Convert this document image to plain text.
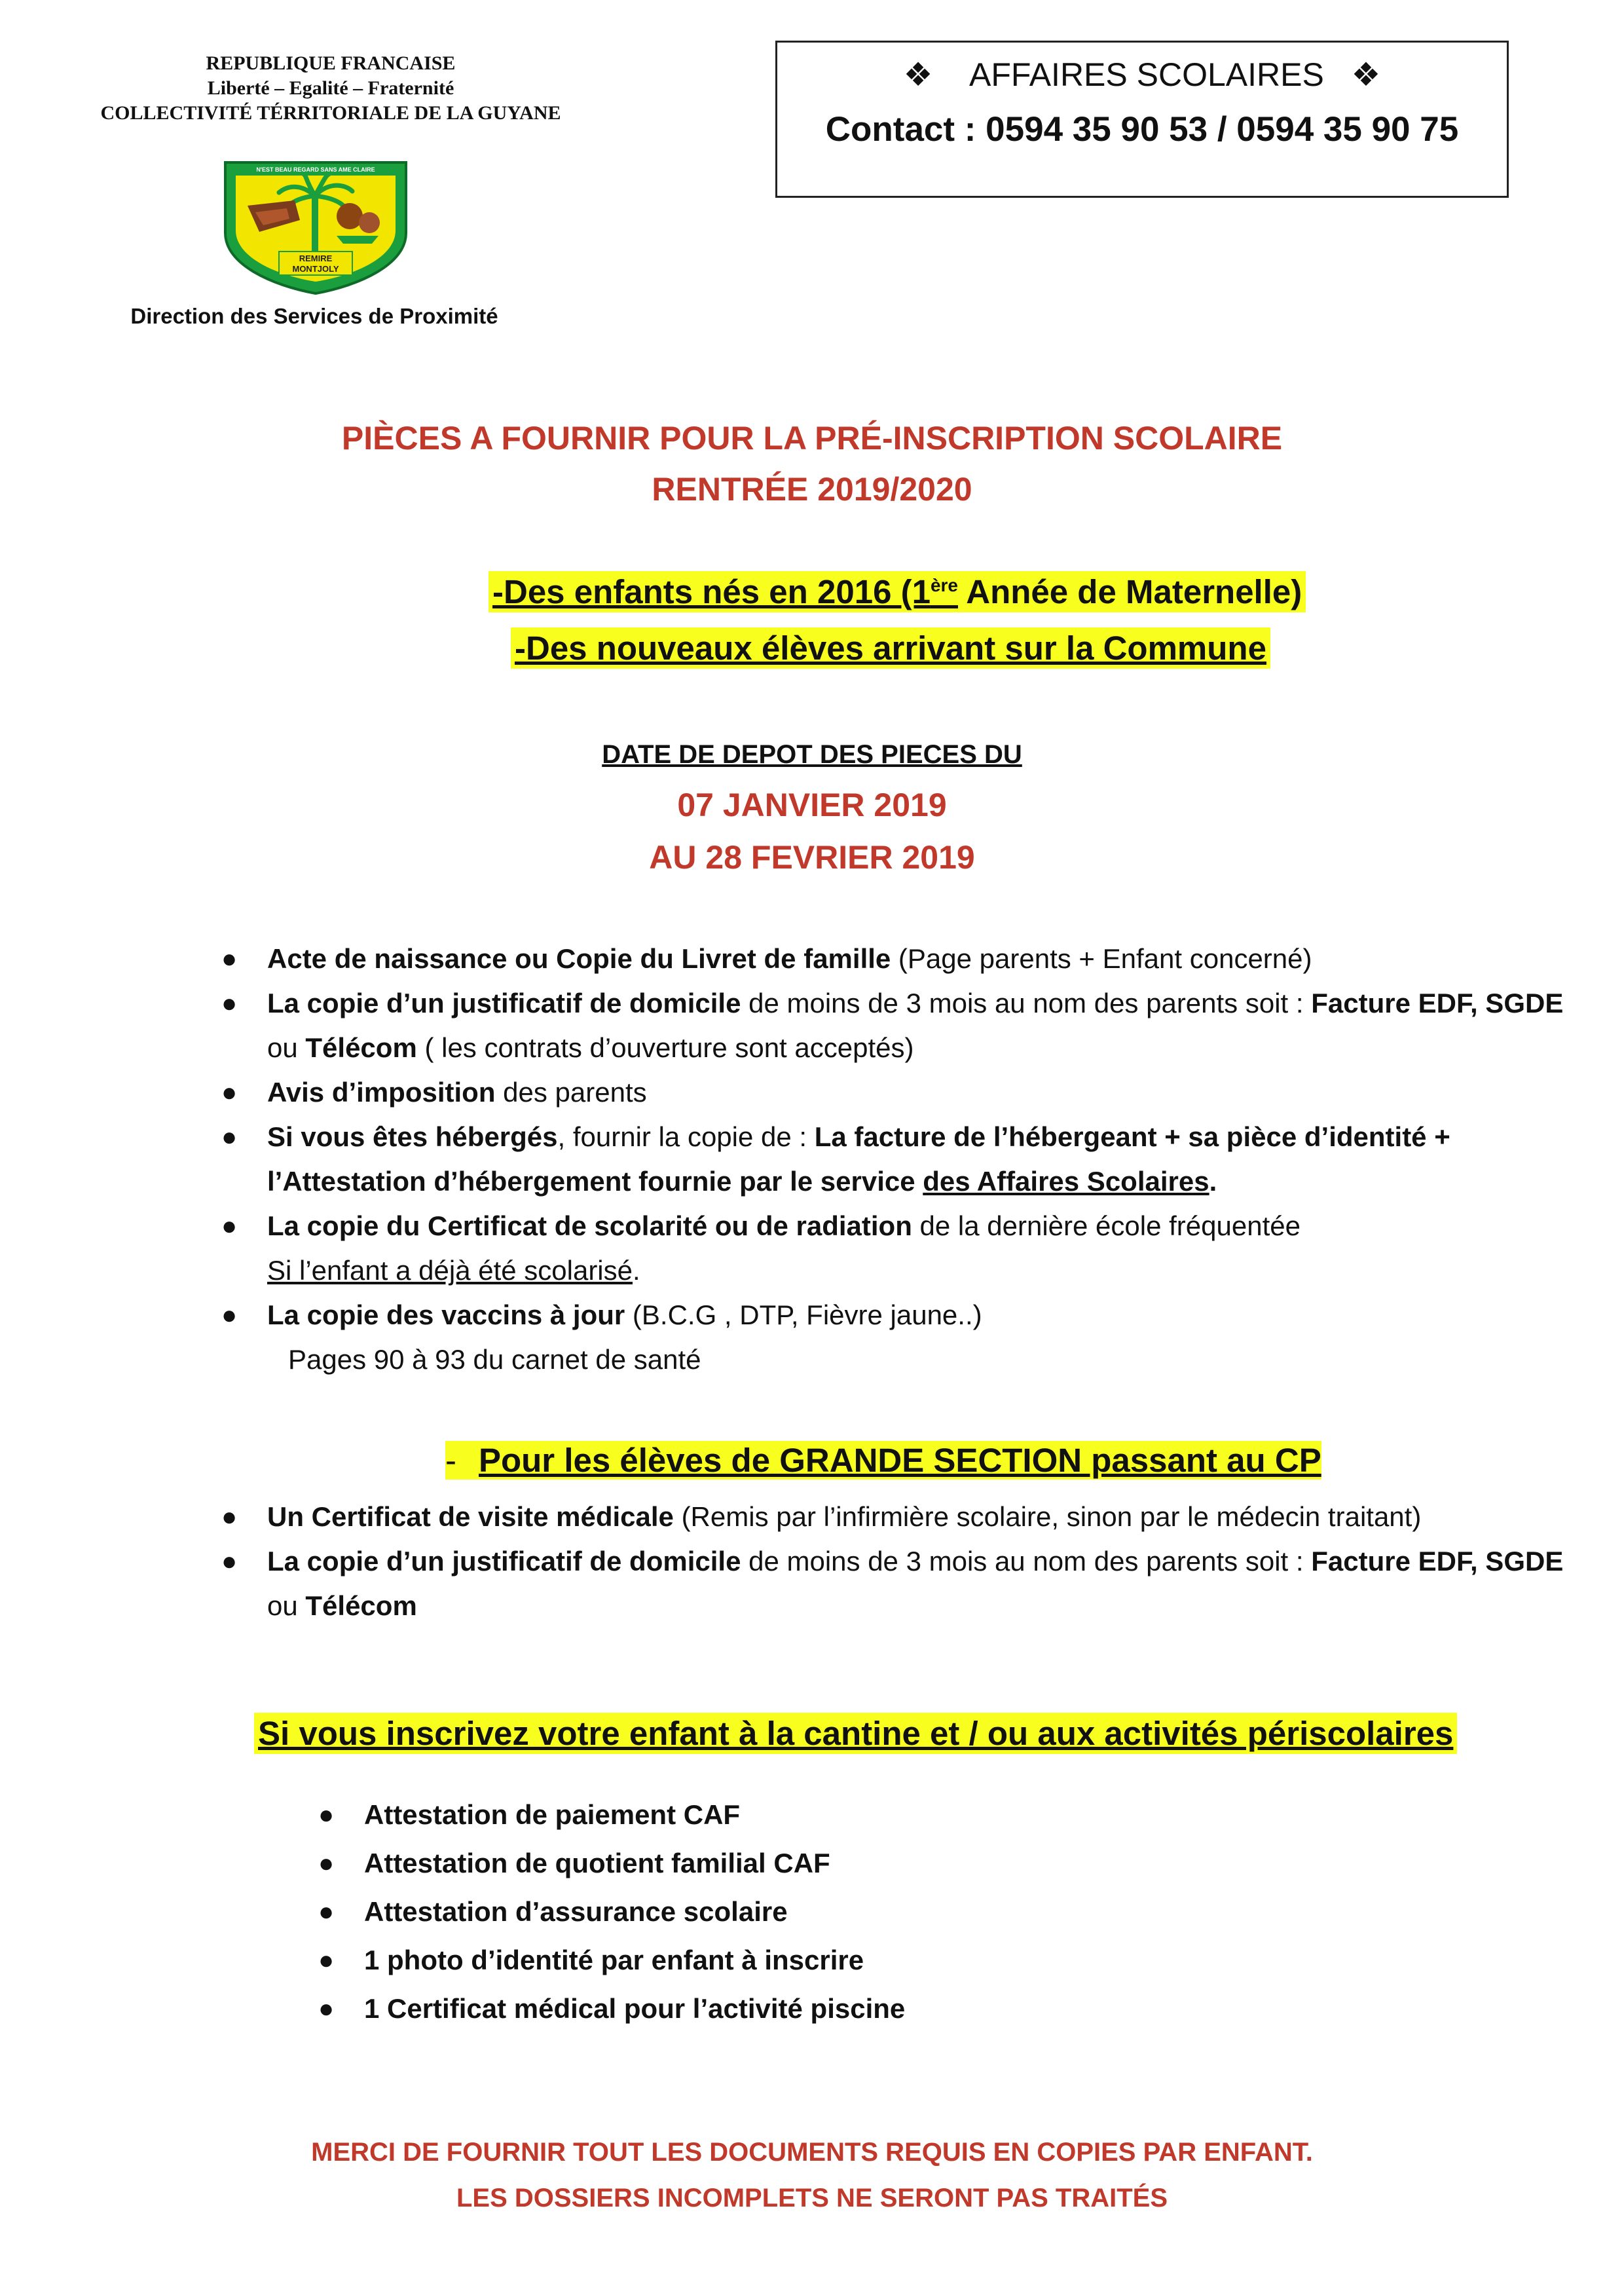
REPUBLIQUE FRANCAISE
Liberté – Egalité – Fraternité
COLLECTIVITÉ TÉRRITORIALE DE LA GUYANE
N'EST BEAU REGARD SANS AME CLAIRE
REMIRE
MONTJOLY
Direction des Services de Proximité
❖ AFFAIRES SCOLAIRES ❖
Contact : 0594 35 90 53 / 0594 35 90 75
PIÈCES A FOURNIR POUR LA PRÉ-INSCRIPTION SCOLAIRE
RENTRÉE 2019/2020
-Des enfants nés en 2016 (1ère Année de Maternelle)
-Des nouveaux élèves arrivant sur la Commune
DATE DE DEPOT DES PIECES DU
07 JANVIER 2019
AU 28 FEVRIER 2019
● Acte de naissance ou Copie du Livret de famille (Page parents + Enfant concerné)
● La copie d’un justificatif de domicile de moins de 3 mois au nom des parents soit : Facture EDF, SGDE ou Télécom ( les contrats d’ouverture sont acceptés)
● Avis d’imposition des parents
● Si vous êtes hébergés, fournir la copie de : La facture de l’hébergeant + sa pièce d’identité + l’Attestation d’hébergement fournie par le service des Affaires Scolaires.
● La copie du Certificat de scolarité ou de radiation de la dernière école fréquentée
Si l’enfant a déjà été scolarisé.
● La copie des vaccins à jour (B.C.G , DTP, Fièvre jaune..)
Pages 90 à 93 du carnet de santé
- Pour les élèves de GRANDE SECTION passant au CP
● Un Certificat de visite médicale (Remis par l’infirmière scolaire, sinon par le médecin traitant)
● La copie d’un justificatif de domicile de moins de 3 mois au nom des parents soit : Facture EDF, SGDE ou Télécom
Si vous inscrivez votre enfant à la cantine et / ou aux activités périscolaires
● Attestation de paiement CAF
● Attestation de quotient familial CAF
● Attestation d’assurance scolaire
● 1 photo d’identité par enfant à inscrire
● 1 Certificat médical pour l’activité piscine
MERCI DE FOURNIR TOUT LES DOCUMENTS REQUIS EN COPIES PAR ENFANT.
LES DOSSIERS INCOMPLETS NE SERONT PAS TRAITÉS
